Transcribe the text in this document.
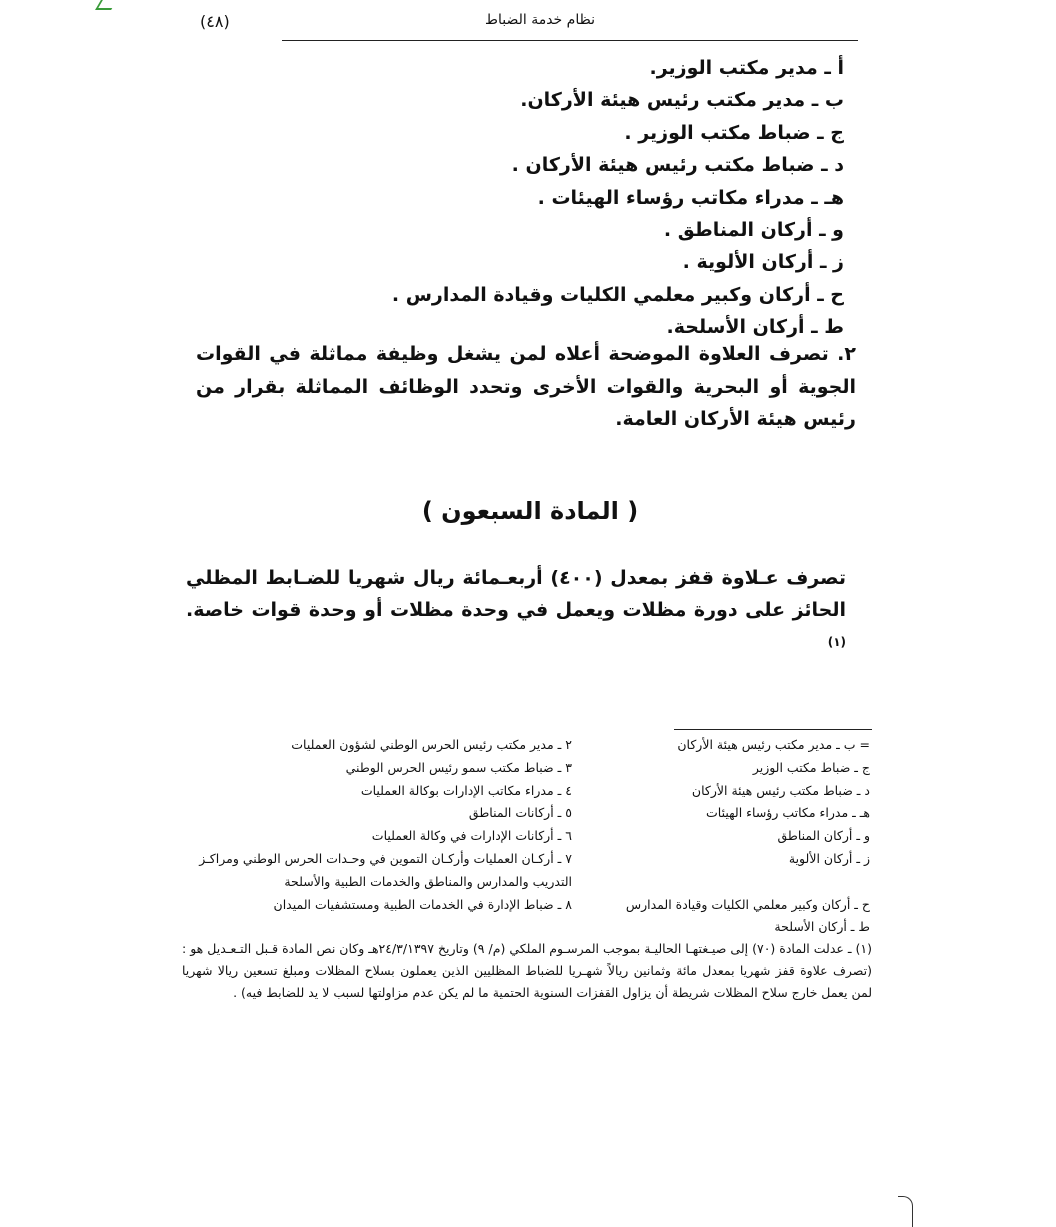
نظام خدمة الضباط
(٤٨)
أ ـ مدير مكتب الوزير.
ب ـ مدير مكتب رئيس هيئة الأركان.
ج ـ ضباط مكتب الوزير .
د ـ ضباط مكتب رئيس هيئة الأركان .
هـ ـ مدراء مكاتب رؤساء الهيئات .
و ـ أركان المناطق .
ز ـ أركان الألوية .
ح ـ أركان وكبير معلمي الكليات وقيادة المدارس .
ط ـ أركان الأسلحة.

٢. تصرف العلاوة الموضحة أعلاه لمن يشغل وظيفة مماثلة في القوات الجوية أو البحرية والقوات الأخرى وتحدد الوظائف المماثلة بقرار من رئيس هيئة الأركان العامة.

( المادة السبعون )

تصرف عـلاوة قفز بمعدل (٤٠٠) أربعـمائة ريال شهريا للضـابط المظلي الحائز على دورة مظلات ويعمل في وحدة مظلات أو وحدة قوات خاصة.$^{(١)}$

= ب ـ مدير مكتب رئيس هيئة الأركان
ج ـ ضباط مكتب الوزير
د ـ ضباط مكتب رئيس هيئة الأركان
هـ ـ مدراء مكاتب رؤساء الهيئات
و ـ أركان المناطق
ز ـ أركان الألوية
ح ـ أركان وكبير معلمي الكليات وقيادة المدارس
ط ـ أركان الأسلحة
٢ ـ مدير مكتب رئيس الحرس الوطني لشؤون العمليات
٣ ـ ضباط مكتب سمو رئيس الحرس الوطني
٤ ـ مدراء مكاتب الإدارات بوكالة العمليات
٥ ـ أركانات المناطق
٦ ـ أركانات الإدارات في وكالة العمليات
٧ ـ أركـان العمليات وأركـان التموين في وحـدات الحرس الوطني ومراكـز التدريب والمدارس والمناطق والخدمات الطبية والأسلحة
٨ ـ ضباط الإدارة في الخدمات الطبية ومستشفيات الميدان

(١) ـ عدلت المادة (٧٠) إلى صيـغتهـا الحاليـة بموجب المرسـوم الملكي (م/ ٩) وتاريخ ٢٤/٣/١٣٩٧هـ وكان نص المادة قـبل التـعـديل هو : (تصرف علاوة قفز شهريا بمعدل مائة وثمانين ريالاً شهـريا للضباط المظليين الذين يعملون بسلاح المظلات ومبلغ تسعين ريالا شهريا لمن يعمل خارج سلاح المظلات شريطة أن يزاول القفزات السنوية الحتمية ما لم يكن عدم مزاولتها لسبب لا يد للضابط فيه) .
